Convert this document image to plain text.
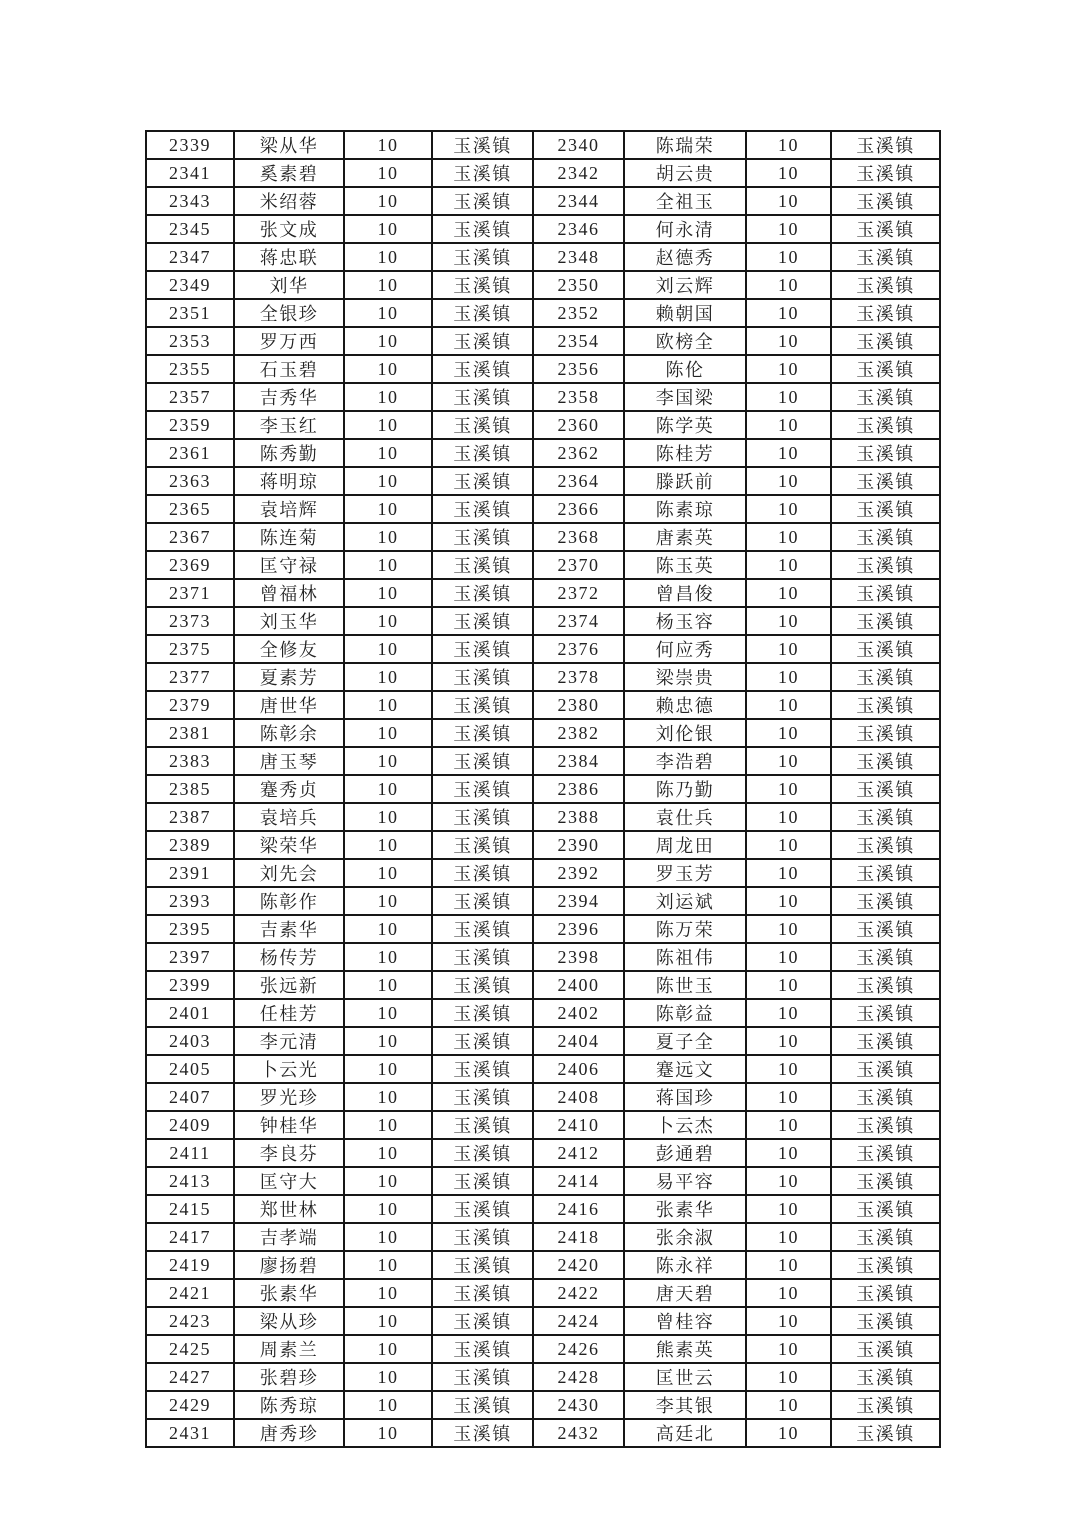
2339	梁从华	10	玉溪镇	2340	陈瑞荣	10	玉溪镇
2341	奚素碧	10	玉溪镇	2342	胡云贵	10	玉溪镇
2343	米绍蓉	10	玉溪镇	2344	全祖玉	10	玉溪镇
2345	张文成	10	玉溪镇	2346	何永清	10	玉溪镇
2347	蒋忠联	10	玉溪镇	2348	赵德秀	10	玉溪镇
2349	刘华	10	玉溪镇	2350	刘云辉	10	玉溪镇
2351	全银珍	10	玉溪镇	2352	赖朝国	10	玉溪镇
2353	罗万西	10	玉溪镇	2354	欧榜全	10	玉溪镇
2355	石玉碧	10	玉溪镇	2356	陈伦	10	玉溪镇
2357	吉秀华	10	玉溪镇	2358	李国梁	10	玉溪镇
2359	李玉红	10	玉溪镇	2360	陈学英	10	玉溪镇
2361	陈秀勤	10	玉溪镇	2362	陈桂芳	10	玉溪镇
2363	蒋明琼	10	玉溪镇	2364	滕跃前	10	玉溪镇
2365	袁培辉	10	玉溪镇	2366	陈素琼	10	玉溪镇
2367	陈连菊	10	玉溪镇	2368	唐素英	10	玉溪镇
2369	匡守禄	10	玉溪镇	2370	陈玉英	10	玉溪镇
2371	曾福林	10	玉溪镇	2372	曾昌俊	10	玉溪镇
2373	刘玉华	10	玉溪镇	2374	杨玉容	10	玉溪镇
2375	全修友	10	玉溪镇	2376	何应秀	10	玉溪镇
2377	夏素芳	10	玉溪镇	2378	梁崇贵	10	玉溪镇
2379	唐世华	10	玉溪镇	2380	赖忠德	10	玉溪镇
2381	陈彰余	10	玉溪镇	2382	刘伦银	10	玉溪镇
2383	唐玉琴	10	玉溪镇	2384	李浩碧	10	玉溪镇
2385	蹇秀贞	10	玉溪镇	2386	陈乃勤	10	玉溪镇
2387	袁培兵	10	玉溪镇	2388	袁仕兵	10	玉溪镇
2389	梁荣华	10	玉溪镇	2390	周龙田	10	玉溪镇
2391	刘先会	10	玉溪镇	2392	罗玉芳	10	玉溪镇
2393	陈彰作	10	玉溪镇	2394	刘运斌	10	玉溪镇
2395	吉素华	10	玉溪镇	2396	陈万荣	10	玉溪镇
2397	杨传芳	10	玉溪镇	2398	陈祖伟	10	玉溪镇
2399	张远新	10	玉溪镇	2400	陈世玉	10	玉溪镇
2401	任桂芳	10	玉溪镇	2402	陈彰益	10	玉溪镇
2403	李元清	10	玉溪镇	2404	夏子全	10	玉溪镇
2405	卜云光	10	玉溪镇	2406	蹇远文	10	玉溪镇
2407	罗光珍	10	玉溪镇	2408	蒋国珍	10	玉溪镇
2409	钟桂华	10	玉溪镇	2410	卜云杰	10	玉溪镇
2411	李良芬	10	玉溪镇	2412	彭通碧	10	玉溪镇
2413	匡守大	10	玉溪镇	2414	易平容	10	玉溪镇
2415	郑世林	10	玉溪镇	2416	张素华	10	玉溪镇
2417	吉孝端	10	玉溪镇	2418	张余淑	10	玉溪镇
2419	廖扬碧	10	玉溪镇	2420	陈永祥	10	玉溪镇
2421	张素华	10	玉溪镇	2422	唐天碧	10	玉溪镇
2423	梁从珍	10	玉溪镇	2424	曾桂容	10	玉溪镇
2425	周素兰	10	玉溪镇	2426	熊素英	10	玉溪镇
2427	张碧珍	10	玉溪镇	2428	匡世云	10	玉溪镇
2429	陈秀琼	10	玉溪镇	2430	李其银	10	玉溪镇
2431	唐秀珍	10	玉溪镇	2432	高廷北	10	玉溪镇
